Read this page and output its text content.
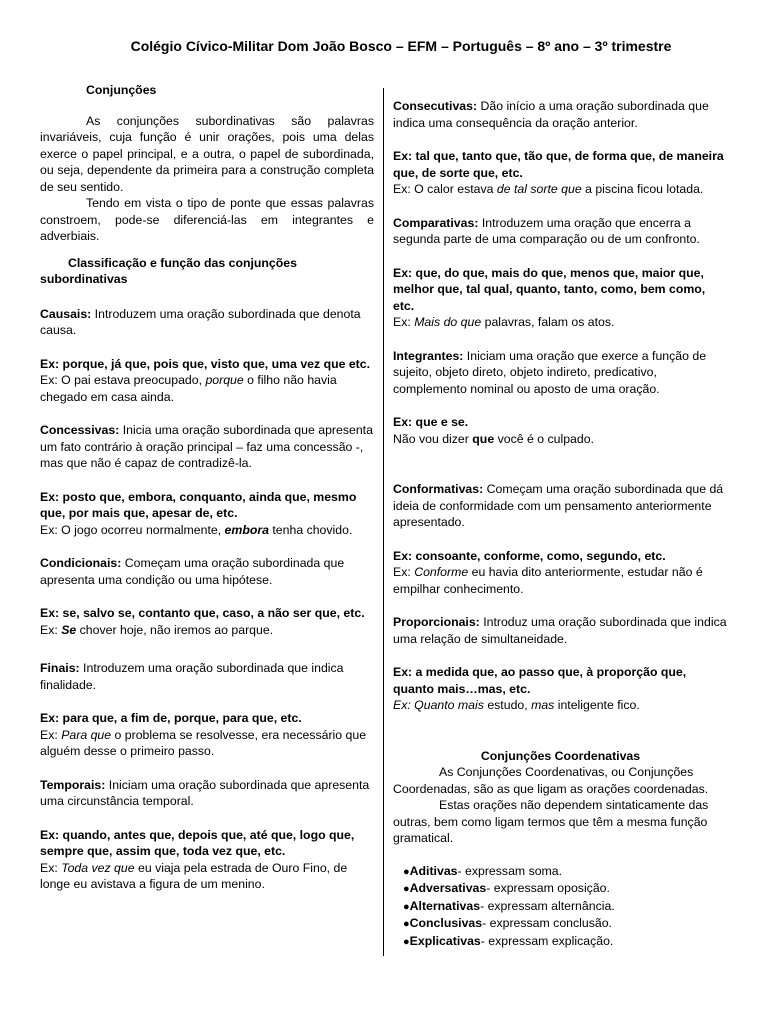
Colégio Cívico-Militar Dom João Bosco – EFM – Português – 8º ano – 3º trimestre
Conjunções

As conjunções subordinativas são palavras invariáveis, cuja função é unir orações, pois uma delas exerce o papel principal, e a outra, o papel de subordinada, ou seja, dependente da primeira para a construção completa de seu sentido.

Tendo em vista o tipo de ponte que essas palavras constroem, pode-se diferenciá-las em integrantes e adverbiais.

Classificação e função das conjunções subordinativas

Causais: Introduzem uma oração subordinada que denota causa.

Ex: porque, já que, pois que, visto que, uma vez que etc.

Ex: O pai estava preocupado, porque o filho não havia chegado em casa ainda.

Concessivas: Inicia uma oração subordinada que apresenta um fato contrário à oração principal – faz uma concessão -, mas que não é capaz de contradizê-la.

Ex: posto que, embora, conquanto, ainda que, mesmo que, por mais que, apesar de, etc.

Ex: O jogo ocorreu normalmente, embora tenha chovido.

Condicionais: Começam uma oração subordinada que apresenta uma condição ou uma hipótese.

Ex: se, salvo se, contanto que, caso, a não ser que, etc.

Ex: Se chover hoje, não iremos ao parque.

Finais: Introduzem uma oração subordinada que indica finalidade.

Ex: para que, a fim de, porque, para que, etc.

Ex: Para que o problema se resolvesse, era necessário que alguém desse o primeiro passo.

Temporais: Iniciam uma oração subordinada que apresenta uma circunstância temporal.

Ex: quando, antes que, depois que, até que, logo que, sempre que, assim que, toda vez que, etc.

Ex: Toda vez que eu viaja pela estrada de Ouro Fino, de longe eu avistava a figura de um menino.

Consecutivas: Dão início a uma oração subordinada que indica uma consequência da oração anterior.

Ex: tal que, tanto que, tão que, de forma que, de maneira que, de sorte que, etc.

Ex: O calor estava de tal sorte que a piscina ficou lotada.

Comparativas: Introduzem uma oração que encerra a segunda parte de uma comparação ou de um confronto.

Ex: que, do que, mais do que, menos que, maior que, melhor que, tal qual, quanto, tanto, como, bem como, etc.

Ex: Mais do que palavras, falam os atos.

Integrantes: Iniciam uma oração que exerce a função de sujeito, objeto direto, objeto indireto, predicativo, complemento nominal ou aposto de uma oração.

Ex: que e se.

Não vou dizer que você é o culpado.

Conformativas: Começam uma oração subordinada que dá ideia de conformidade com um pensamento anteriormente apresentado.

Ex: consoante, conforme, como, segundo, etc.

Ex: Conforme eu havia dito anteriormente, estudar não é empilhar conhecimento.

Proporcionais: Introduz uma oração subordinada que indica uma relação de simultaneidade.

Ex: a medida que, ao passo que, à proporção que, quanto mais…mas, etc.

Ex: Quanto mais estudo, mas inteligente fico.

Conjunções Coordenativas

As Conjunções Coordenativas, ou Conjunções Coordenadas, são as que ligam as orações coordenadas.

Estas orações não dependem sintaticamente das outras, bem como ligam termos que têm a mesma função gramatical.

●Aditivas- expressam soma.
●Adversativas- expressam oposição.
●Alternativas- expressam alternância.
●Conclusivas- expressam conclusão.
●Explicativas- expressam explicação.
